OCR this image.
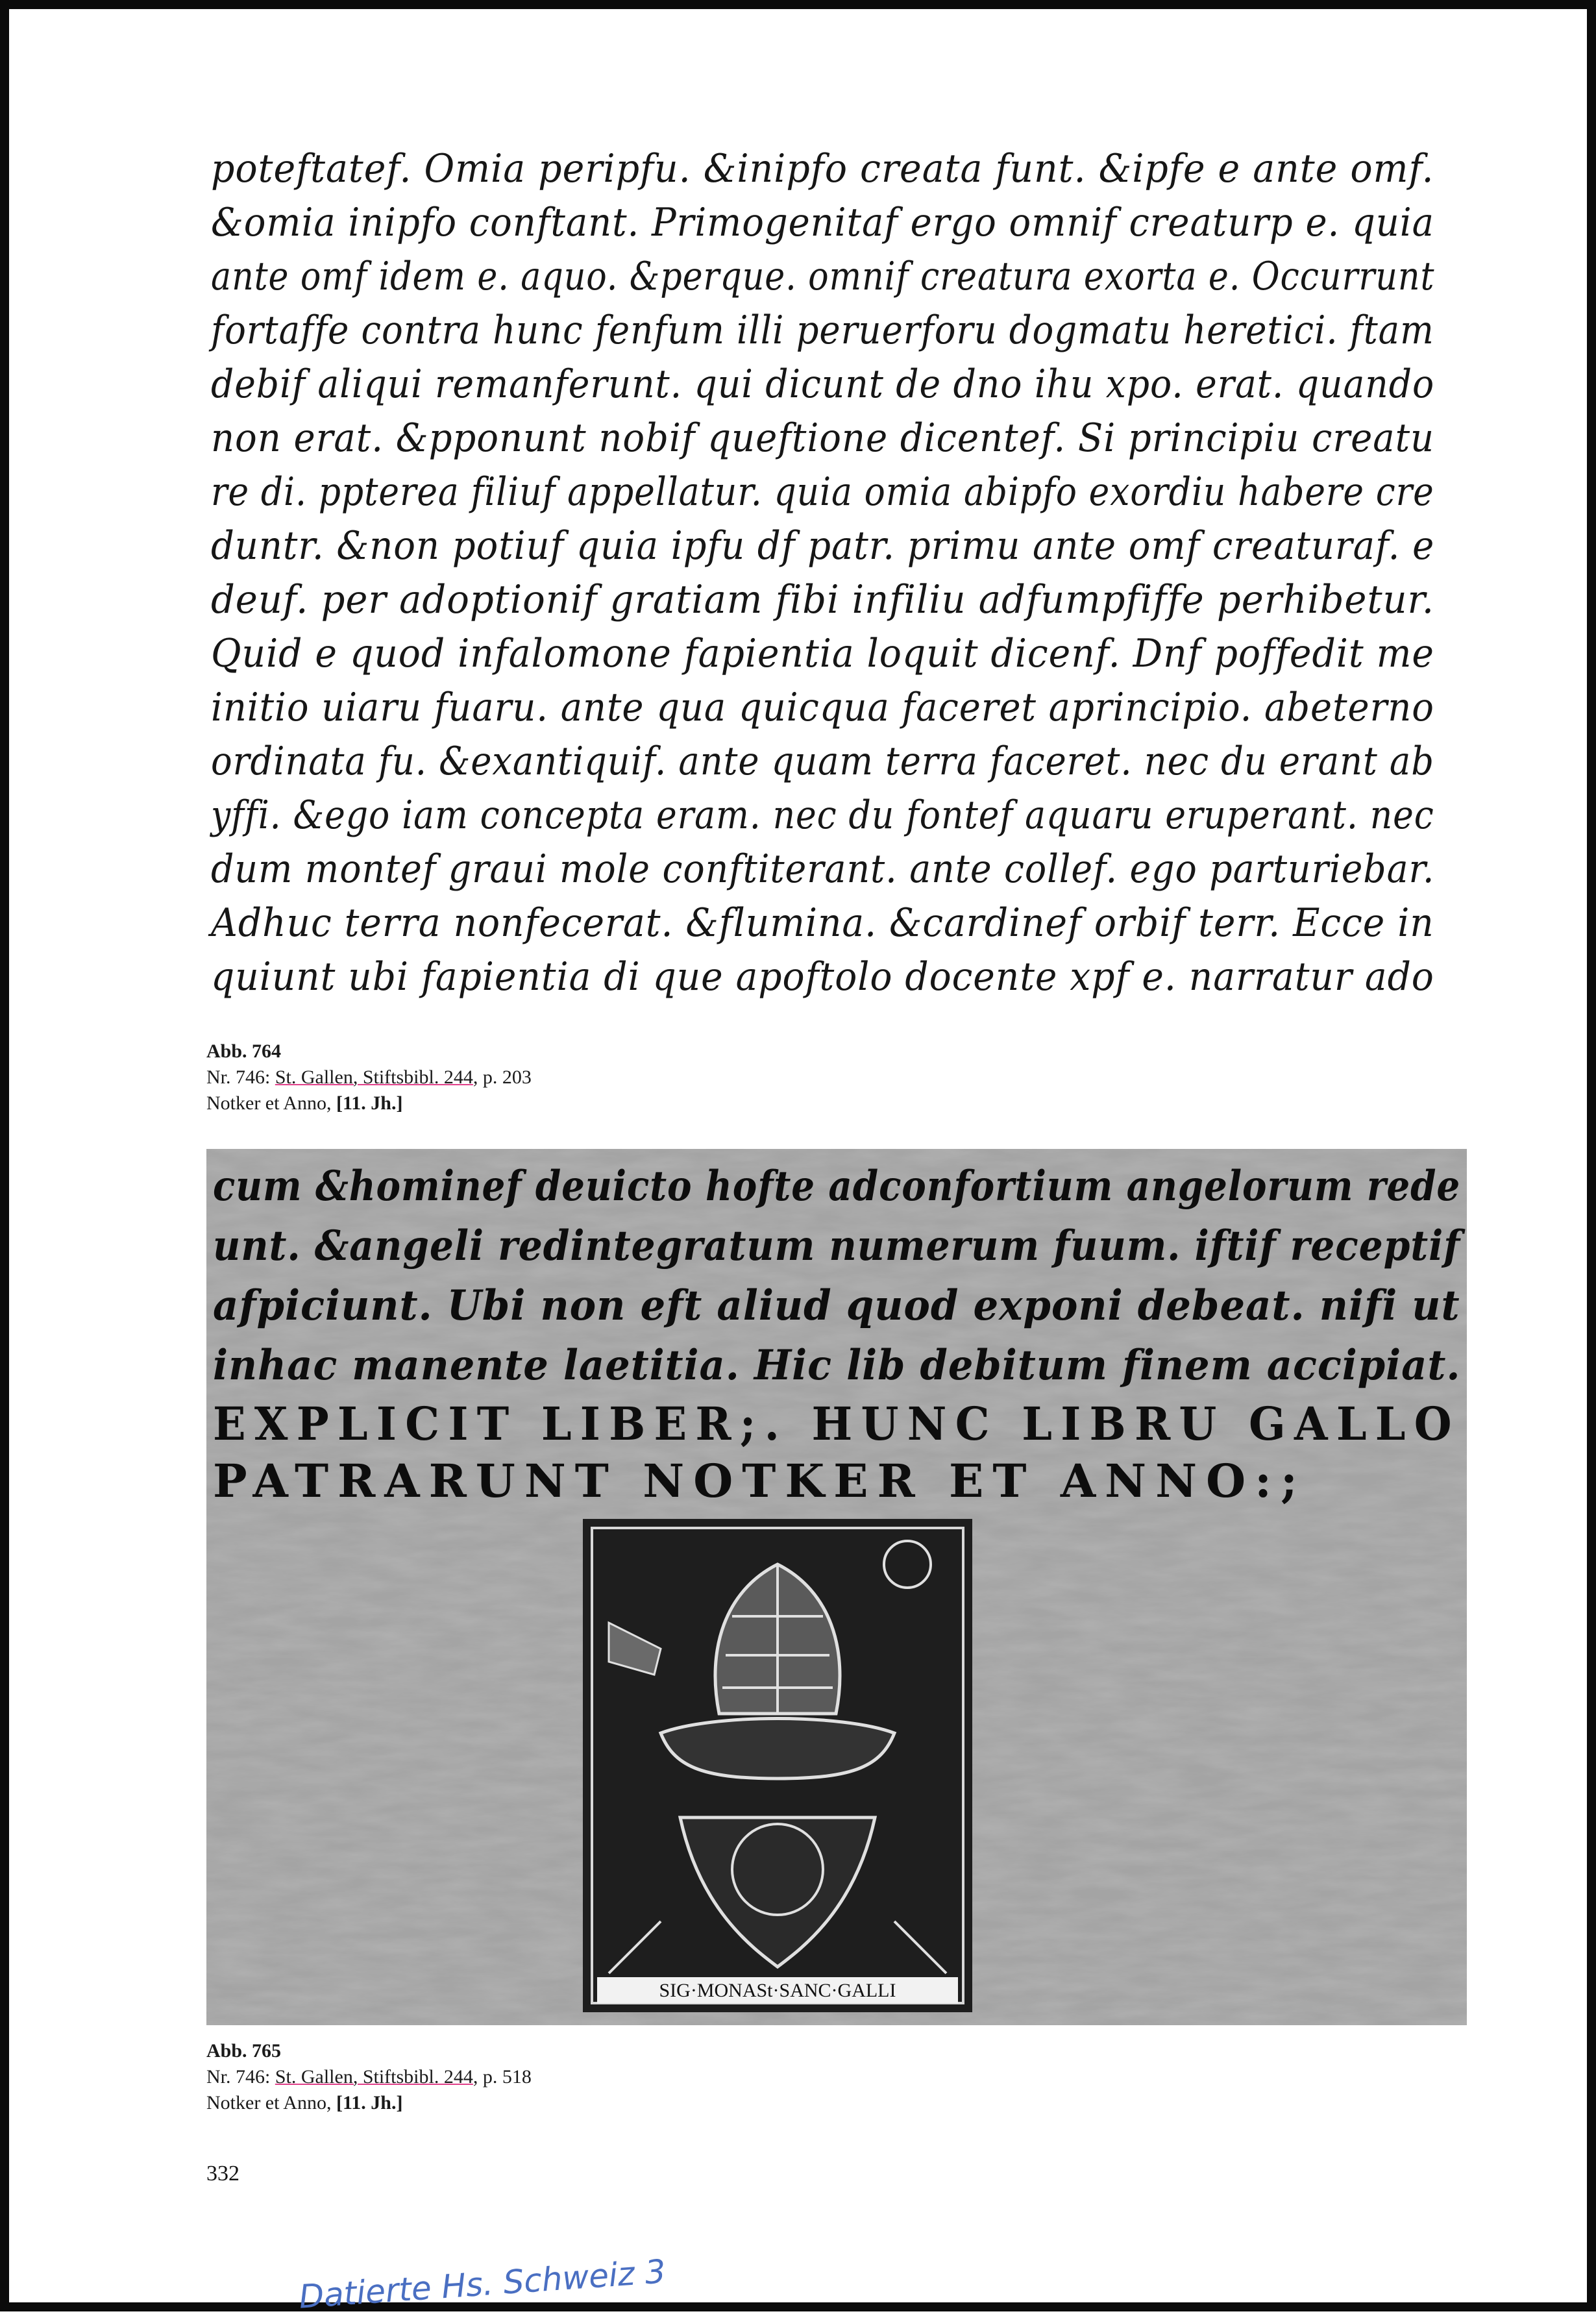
poteftatef. Omia peripfu. &inipfo creata funt. &ipfe e ante omf.
&omia inipfo conftant. Primogenitaf ergo omnif creaturp e. quia
ante omf idem e. aquo. &perque. omnif creatura exorta e. Occurrunt
fortaffe contra hunc fenfum illi peruerforu dogmatu heretici. ftam
debif aliqui remanferunt. qui dicunt de dno ihu xpo. erat. quando
non erat. &pponunt nobif queftione dicentef. Si principiu creatu
re di. ppterea filiuf appellatur. quia omia abipfo exordiu habere cre
duntr. &non potiuf quia ipfu df patr. primu ante omf creaturaf. e
deuf. per adoptionif gratiam fibi infiliu adfumpfiffe perhibetur.
Quid e quod infalomone fapientia loquit dicenf. Dnf poffedit me
initio uiaru fuaru. ante qua quicqua faceret aprincipio. abeterno
ordinata fu. &exantiquif. ante quam terra faceret. nec du erant ab
yffi. &ego iam concepta eram. nec du fontef aquaru eruperant. nec
dum montef graui mole conftiterant. ante collef. ego parturiebar.
Adhuc terra nonfecerat. &flumina. &cardinef orbif terr. Ecce in
quiunt ubi fapientia di que apoftolo docente xpf e. narratur ado
Abb. 764
Nr. 746: St. Gallen, Stiftsbibl. 244, p. 203
Notker et Anno, [11. Jh.]
cum &hominef deuicto hofte adconfortium angelorum rede
unt. &angeli redintegratum numerum fuum. iftif receptif
afpiciunt. Ubi non eft aliud quod exponi debeat. nifi ut
inhac manente laetitia. Hic lib debitum finem accipiat.
EXPLICIT LIBER;. HUNC LIBRU GALLO
PATRARUNT NOTKER ET ANNO:;
SIG·MONASt·SANC·GALLI
Abb. 765
Nr. 746: St. Gallen, Stiftsbibl. 244, p. 518
Notker et Anno, [11. Jh.]
332
Datierte Hs. Schweiz 3
